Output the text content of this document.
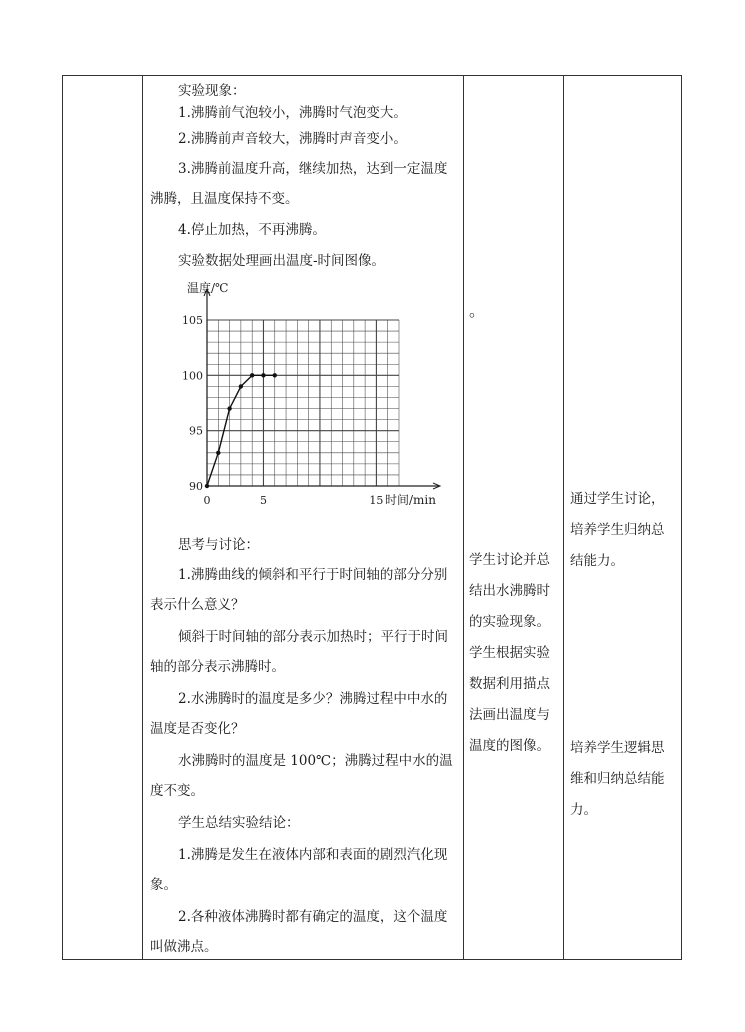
实验现象：
1.沸腾前气泡较小，沸腾时气泡变大。
2.沸腾前声音较大，沸腾时声音变小。
3.沸腾前温度升高，继续加热，达到一定温度
沸腾，且温度保持不变。
4.停止加热，不再沸腾。
实验数据处理画出温度-时间图像。
90
95
100
105
0	5	15
温度/℃
时间/min
思考与讨论：
1.沸腾曲线的倾斜和平行于时间轴的部分分别
表示什么意义？
倾斜于时间轴的部分表示加热时；平行于时间
轴的部分表示沸腾时。
2.水沸腾时的温度是多少？沸腾过程中中水的
温度是否变化？
水沸腾时的温度是 100℃；沸腾过程中水的温
度不变。
学生总结实验结论：
1.沸腾是发生在液体内部和表面的剧烈汽化现
象。
2.各种液体沸腾时都有确定的温度，这个温度
叫做沸点。
。
学生讨论并总
结出水沸腾时
的实验现象。
学生根据实验
数据利用描点
法画出温度与
温度的图像。
通过学生讨论，
培养学生归纳总
结能力。
培养学生逻辑思
维和归纳总结能
力。
